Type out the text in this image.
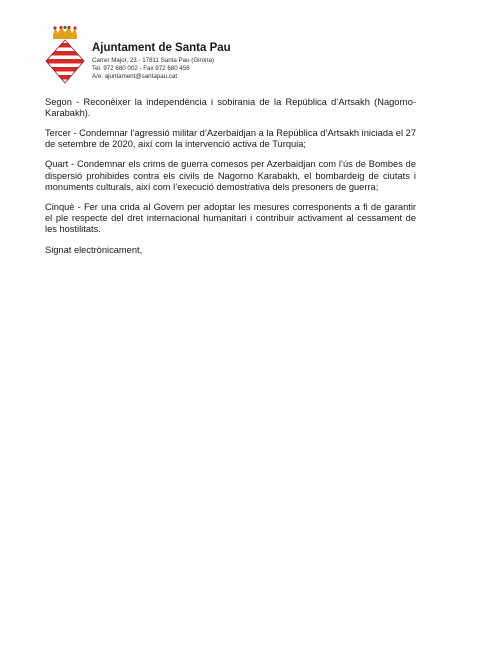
Ajuntament de Santa Pau
Carrer Major, 23 - 17811 Santa Pau (Girona)
Tel. 972 680 002 - Fax 972 680 456
A/e. ajuntament@santapau.cat

Segon - Reconèixer la independència i sobirania de la República d’Artsakh (Nagorno-Karabakh).

Tercer - Condemnar l’agressió militar d’Azerbaidjan a la República d’Artsakh iniciada el 27 de setembre de 2020, així com la intervenció activa de Turquia;

Quart - Condemnar els crims de guerra comesos per Azerbaidjan com l’ús de Bombes de dispersió prohibides contra els civils de Nagorno Karabakh, el bombardeig de ciutats i monuments culturals, així com l’execució demostrativa dels presoners de guerra;

Cinquè - Fer una crida al Govern per adoptar les mesures corresponents a fi de garantir el ple respecte del dret internacional humanitari i contribuir activament al cessament de les hostilitats.

Signat electrònicament,
